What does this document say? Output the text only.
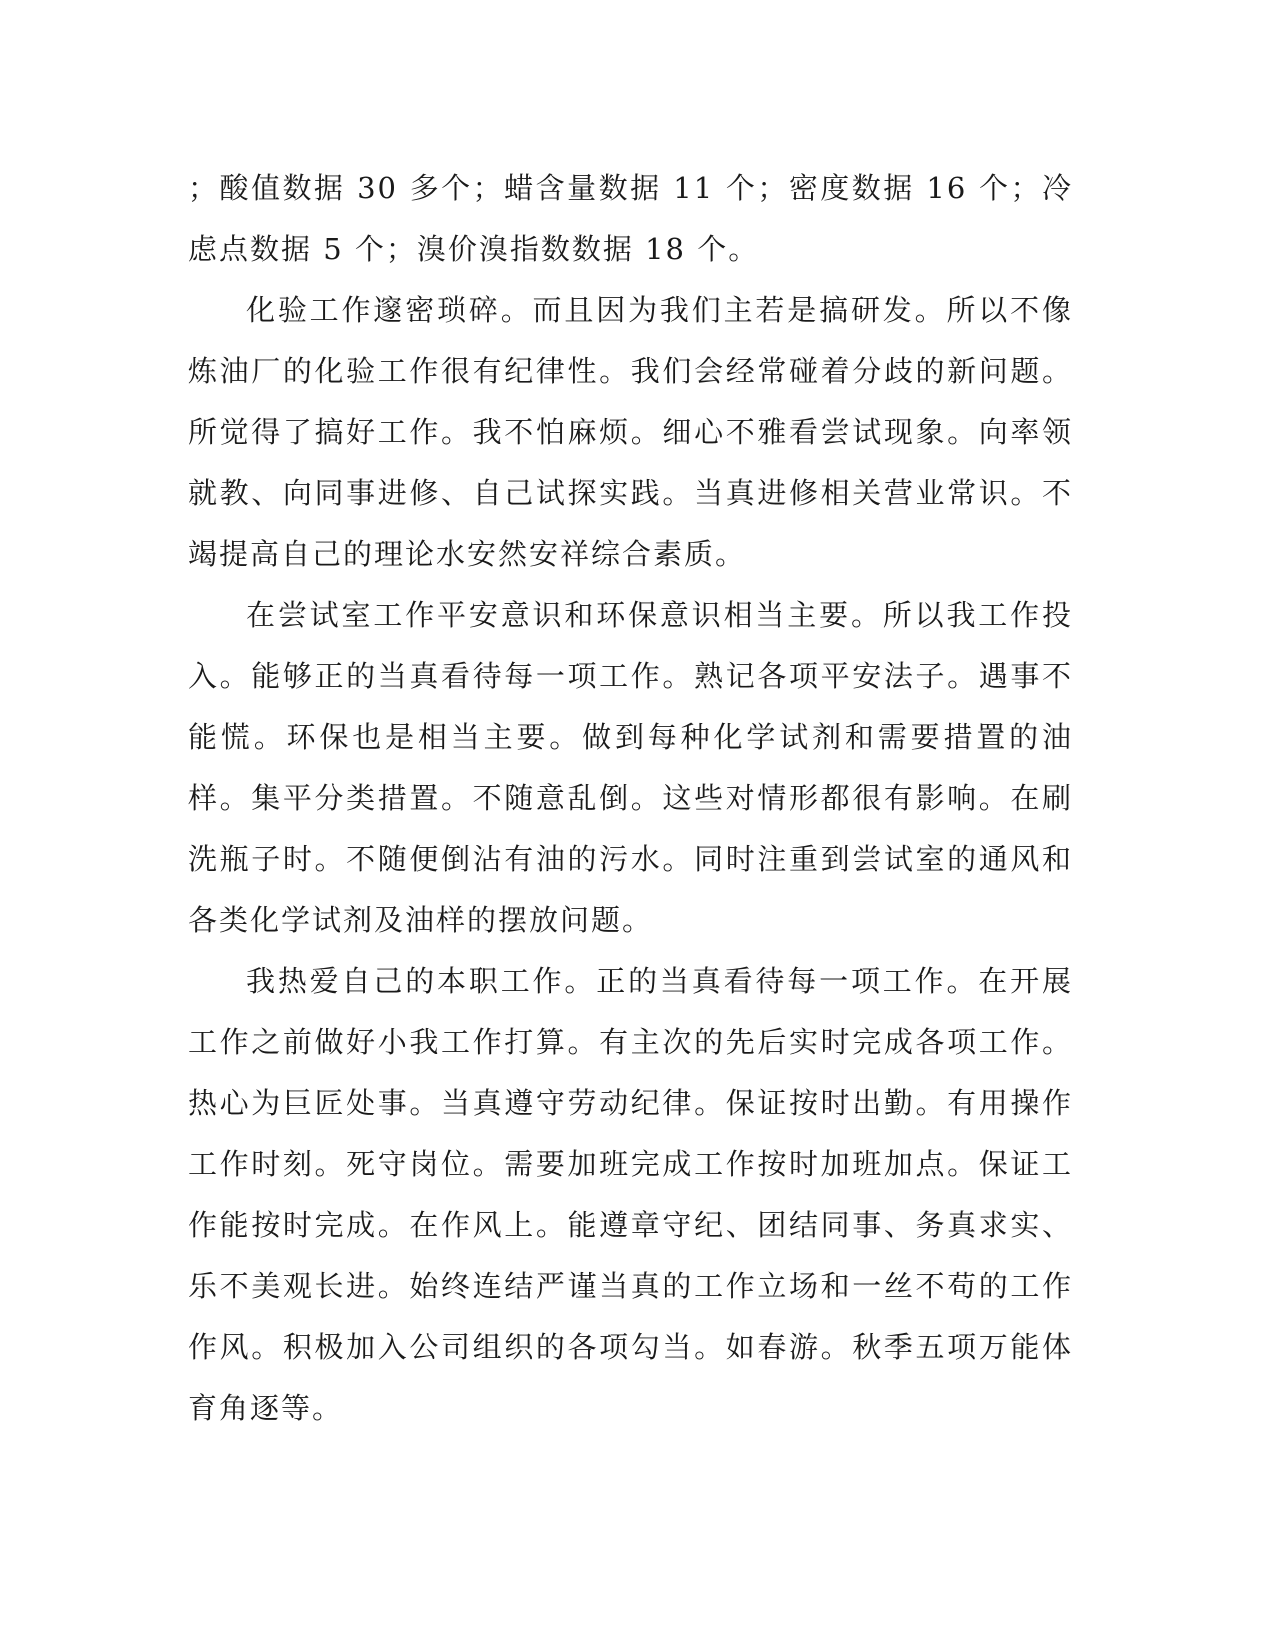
；酸值数据 30 多个；蜡含量数据 11 个；密度数据 16 个；冷虑点数据 5 个；溴价溴指数数据 18 个。

化验工作邃密琐碎。而且因为我们主若是搞研发。所以不像炼油厂的化验工作很有纪律性。我们会经常碰着分歧的新问题。所觉得了搞好工作。我不怕麻烦。细心不雅看尝试现象。向率领就教、向同事进修、自己试探实践。当真进修相关营业常识。不竭提高自己的理论水安然安祥综合素质。

在尝试室工作平安意识和环保意识相当主要。所以我工作投入。能够正的当真看待每一项工作。熟记各项平安法子。遇事不能慌。环保也是相当主要。做到每种化学试剂和需要措置的油样。集平分类措置。不随意乱倒。这些对情形都很有影响。在刷洗瓶子时。不随便倒沾有油的污水。同时注重到尝试室的通风和各类化学试剂及油样的摆放问题。

我热爱自己的本职工作。正的当真看待每一项工作。在开展工作之前做好小我工作打算。有主次的先后实时完成各项工作。热心为巨匠处事。当真遵守劳动纪律。保证按时出勤。有用操作工作时刻。死守岗位。需要加班完成工作按时加班加点。保证工作能按时完成。在作风上。能遵章守纪、团结同事、务真求实、乐不美观长进。始终连结严谨当真的工作立场和一丝不苟的工作作风。积极加入公司组织的各项勾当。如春游。秋季五项万能体育角逐等。
